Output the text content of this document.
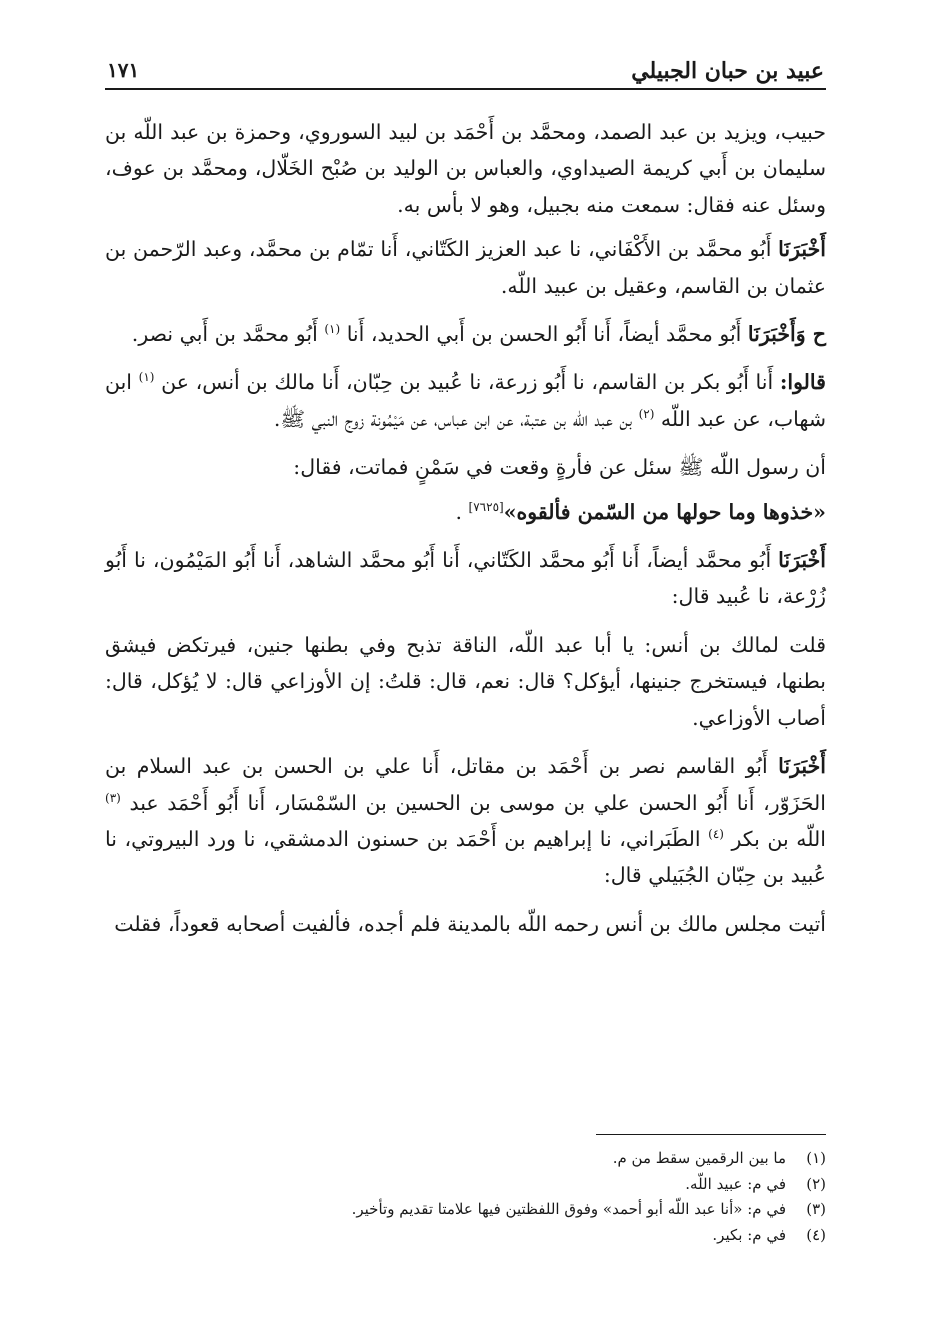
عبيد بن حبان الجبيلي
١٧١

حبيب، ويزيد بن عبد الصمد، ومحمَّد بن أَحْمَد بن لبيد السوروي، وحمزة بن عبد اللّه بن سليمان بن أَبي كريمة الصيداوي، والعباس بن الوليد بن صُبْح الخَلّال، ومحمَّد بن عوف، وسئل عنه فقال: سمعت منه بجبيل، وهو لا بأس به.

أَخْبَرَنَا أَبُو محمَّد بن الأَكْفَاني، نا عبد العزيز الكَتّاني، أَنا تمّام بن محمَّد، وعبد الرّحمن بن عثمان بن القاسم، وعقيل بن عبيد اللّه.

ح وَأَخْبَرَنَا أَبُو محمَّد أيضاً، أَنا أَبُو الحسن بن أَبي الحديد، أَنا $^{(١)}$ أَبُو محمَّد بن أَبي نصر.

قالوا: أَنا أَبُو بكر بن القاسم، نا أَبُو زرعة، نا عُبيد بن حِبّان، أَنا مالك بن أنس، عن $^{(١)}$ ابن شهاب، عن عبد اللّه $^{(٢)}$ بن عبد اللّه بن عتبة، عن ابن عباس، عن مَيْمُونة زوج النبي ﷺ.

أن رسول اللّه ﷺ سئل عن فأرةٍ وقعت في سَمْنٍ فماتت، فقال:

«خذوها وما حولها من السّمن فألقوه»[٧٦٢٥] .

أَخْبَرَنَا أَبُو محمَّد أيضاً، أَنا أَبُو محمَّد الكَتّاني، أَنا أَبُو محمَّد الشاهد، أَنا أَبُو المَيْمُون، نا أَبُو زُرْعة، نا عُبيد قال:

قلت لمالك بن أنس: يا أبا عبد اللّه، الناقة تذبح وفي بطنها جنين، فيرتكض فيشق بطنها، فيستخرج جنينها، أيؤكل؟ قال: نعم، قال: قلتُ: إن الأوزاعي قال: لا يُؤكل، قال: أصاب الأوزاعي.

أَخْبَرَنَا أَبُو القاسم نصر بن أَحْمَد بن مقاتل، أَنا علي بن الحسن بن عبد السلام بن الحَزَوّر، أَنا أَبُو الحسن علي بن موسى بن الحسين بن السّمْسَار، أَنا أَبُو أَحْمَد عبد $^{(٣)}$ اللّه بن بكر $^{(٤)}$ الطَبَراني، نا إبراهيم بن أَحْمَد بن حسنون الدمشقي، نا ورد البيروتي، نا عُبيد بن حِبّان الجُبَيلي قال:

أتيت مجلس مالك بن أنس رحمه اللّه بالمدينة فلم أجده، فألفيت أصحابه قعوداً، فقلت

(١)
ما بين الرقمين سقط من م.
(٢)
في م: عبيد اللّه.
(٣)
في م: «أنا عبد اللّه أبو أحمد» وفوق اللفظتين فيها علامتا تقديم وتأخير.
(٤)
في م: بكير.
